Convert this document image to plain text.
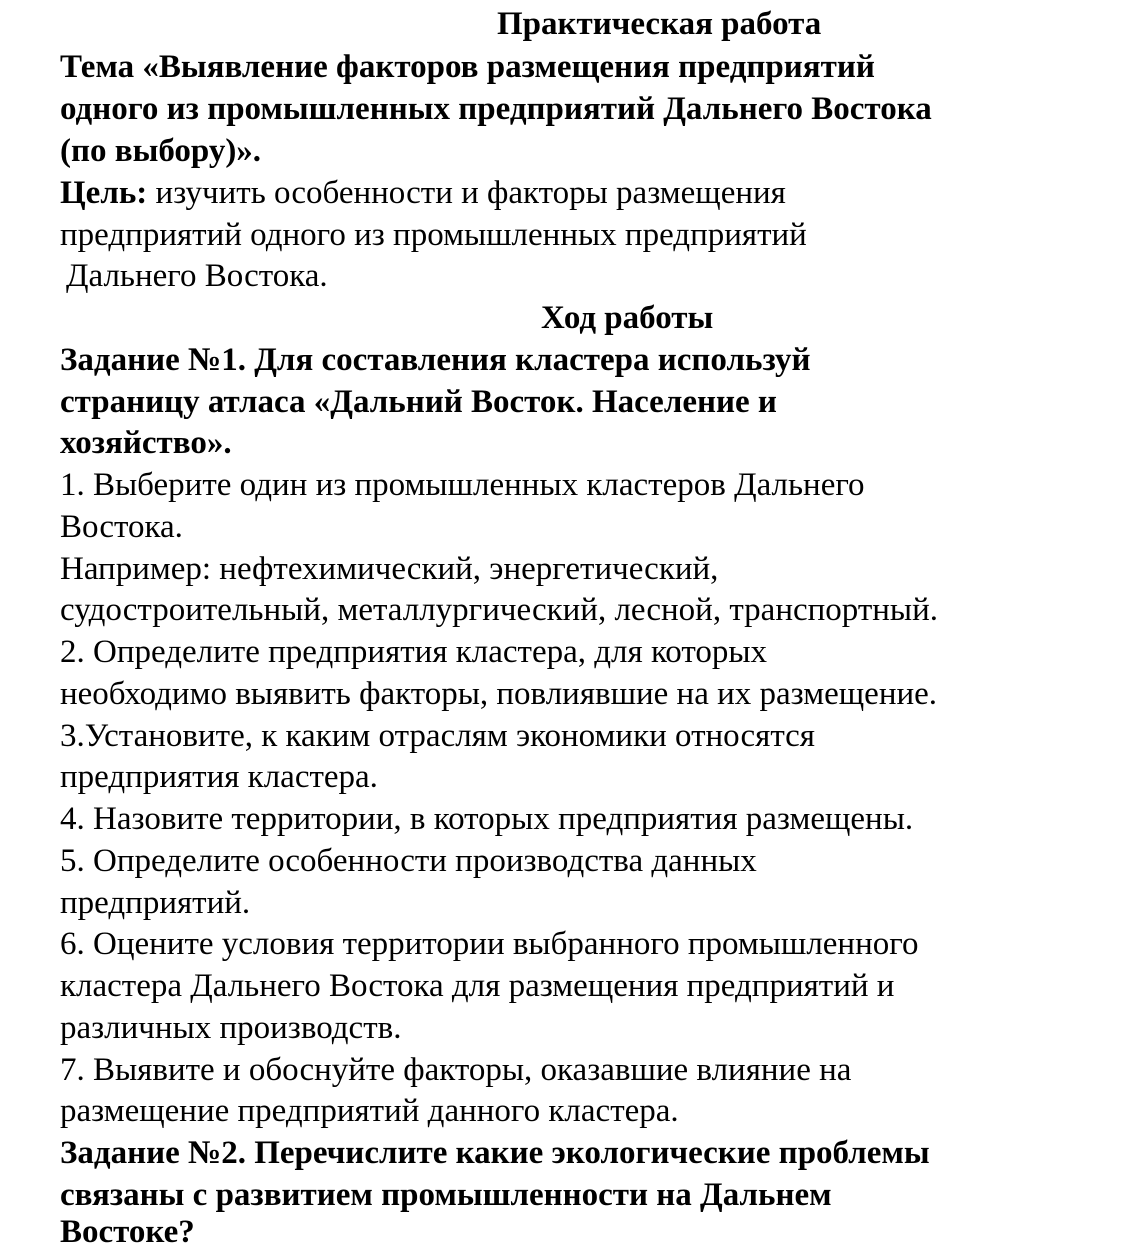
Практическая работа

Тема «Выявление факторов размещения предприятий

одного из промышленных предприятий Дальнего Востока

(по выбору)».

Цель: изучить особенности и факторы размещения

предприятий одного из промышленных предприятий

Дальнего Востока.

Ход работы

Задание №1. Для составления кластера используй

страницу атласа «Дальний Восток. Население и

хозяйство».

1. Выберите один из промышленных кластеров Дальнего

Востока.

Например: нефтехимический, энергетический,

судостроительный, металлургический, лесной, транспортный.

2. Определите предприятия кластера, для которых

необходимо выявить факторы, повлиявшие на их размещение.

3.Установите, к каким отраслям экономики относятся

предприятия кластера.

4. Назовите территории, в которых предприятия размещены.

5. Определите особенности производства данных

предприятий.

6. Оцените условия территории выбранного промышленного

кластера Дальнего Востока для размещения предприятий и

различных производств.

7. Выявите и обоснуйте факторы, оказавшие влияние на

размещение предприятий данного кластера.

Задание №2. Перечислите какие экологические проблемы

связаны с развитием промышленности на Дальнем

Востоке?
